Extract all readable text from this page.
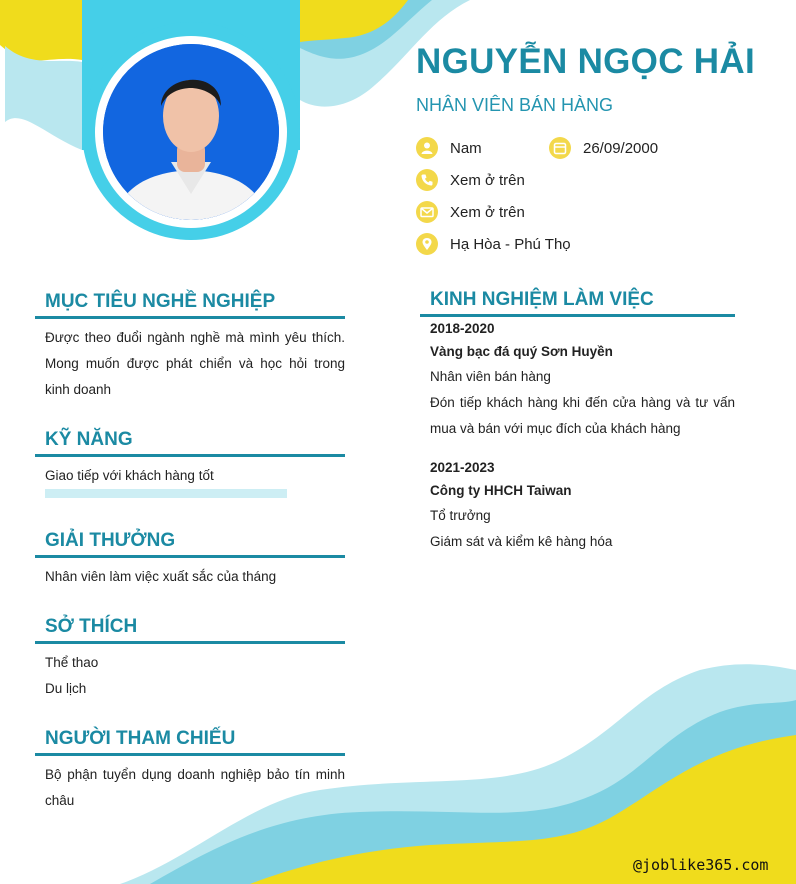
NGUYỄN NGỌC HẢI
NHÂN VIÊN BÁN HÀNG
Nam	26/09/2000
Xem ở trên
Xem ở trên
Hạ Hòa - Phú Thọ
MỤC TIÊU NGHỀ NGHIỆP
Được theo đuổi ngành nghề mà mình yêu thích. Mong muốn được phát chiển và học hỏi trong kinh doanh
KỸ NĂNG
Giao tiếp với khách hàng tốt
GIẢI THƯỞNG
Nhân viên làm việc xuất sắc của tháng
SỞ THÍCH
Thể thao
Du lịch
NGƯỜI THAM CHIẾU
Bộ phận tuyển dụng doanh nghiệp bảo tín minh châu
KINH NGHIỆM LÀM VIỆC
2018-2020
Vàng bạc đá quý Sơn Huyền
Nhân viên bán hàng
Đón tiếp khách hàng khi đến cửa hàng và tư vấn mua và bán với mục đích của khách hàng
2021-2023
Công ty HHCH Taiwan
Tổ trưởng
Giám sát và kiểm kê hàng hóa
@joblike365.com
